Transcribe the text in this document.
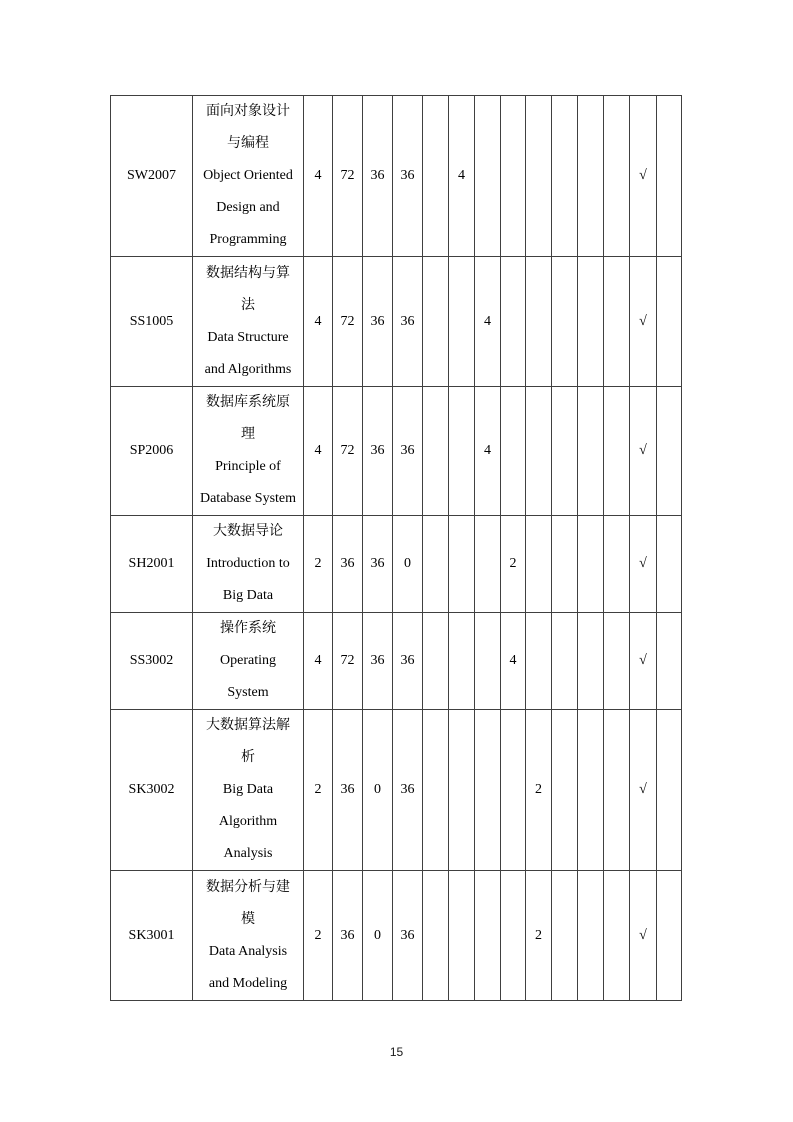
SW2007	面向对象设计
与编程
Object Oriented
Design and
Programming	4	72	36	36		4							√	
SS1005	数据结构与算
法
Data Structure
and Algorithms	4	72	36	36			4						√	
SP2006	数据库系统原
理
Principle of
Database System	4	72	36	36			4						√	
SH2001	大数据导论
Introduction to
Big Data	2	36	36	0				2					√	
SS3002	操作系统
Operating
System	4	72	36	36				4					√	
SK3002	大数据算法解
析
Big Data
Algorithm
Analysis	2	36	0	36					2				√	
SK3001	数据分析与建
模
Data Analysis
and Modeling	2	36	0	36					2				√	
15
